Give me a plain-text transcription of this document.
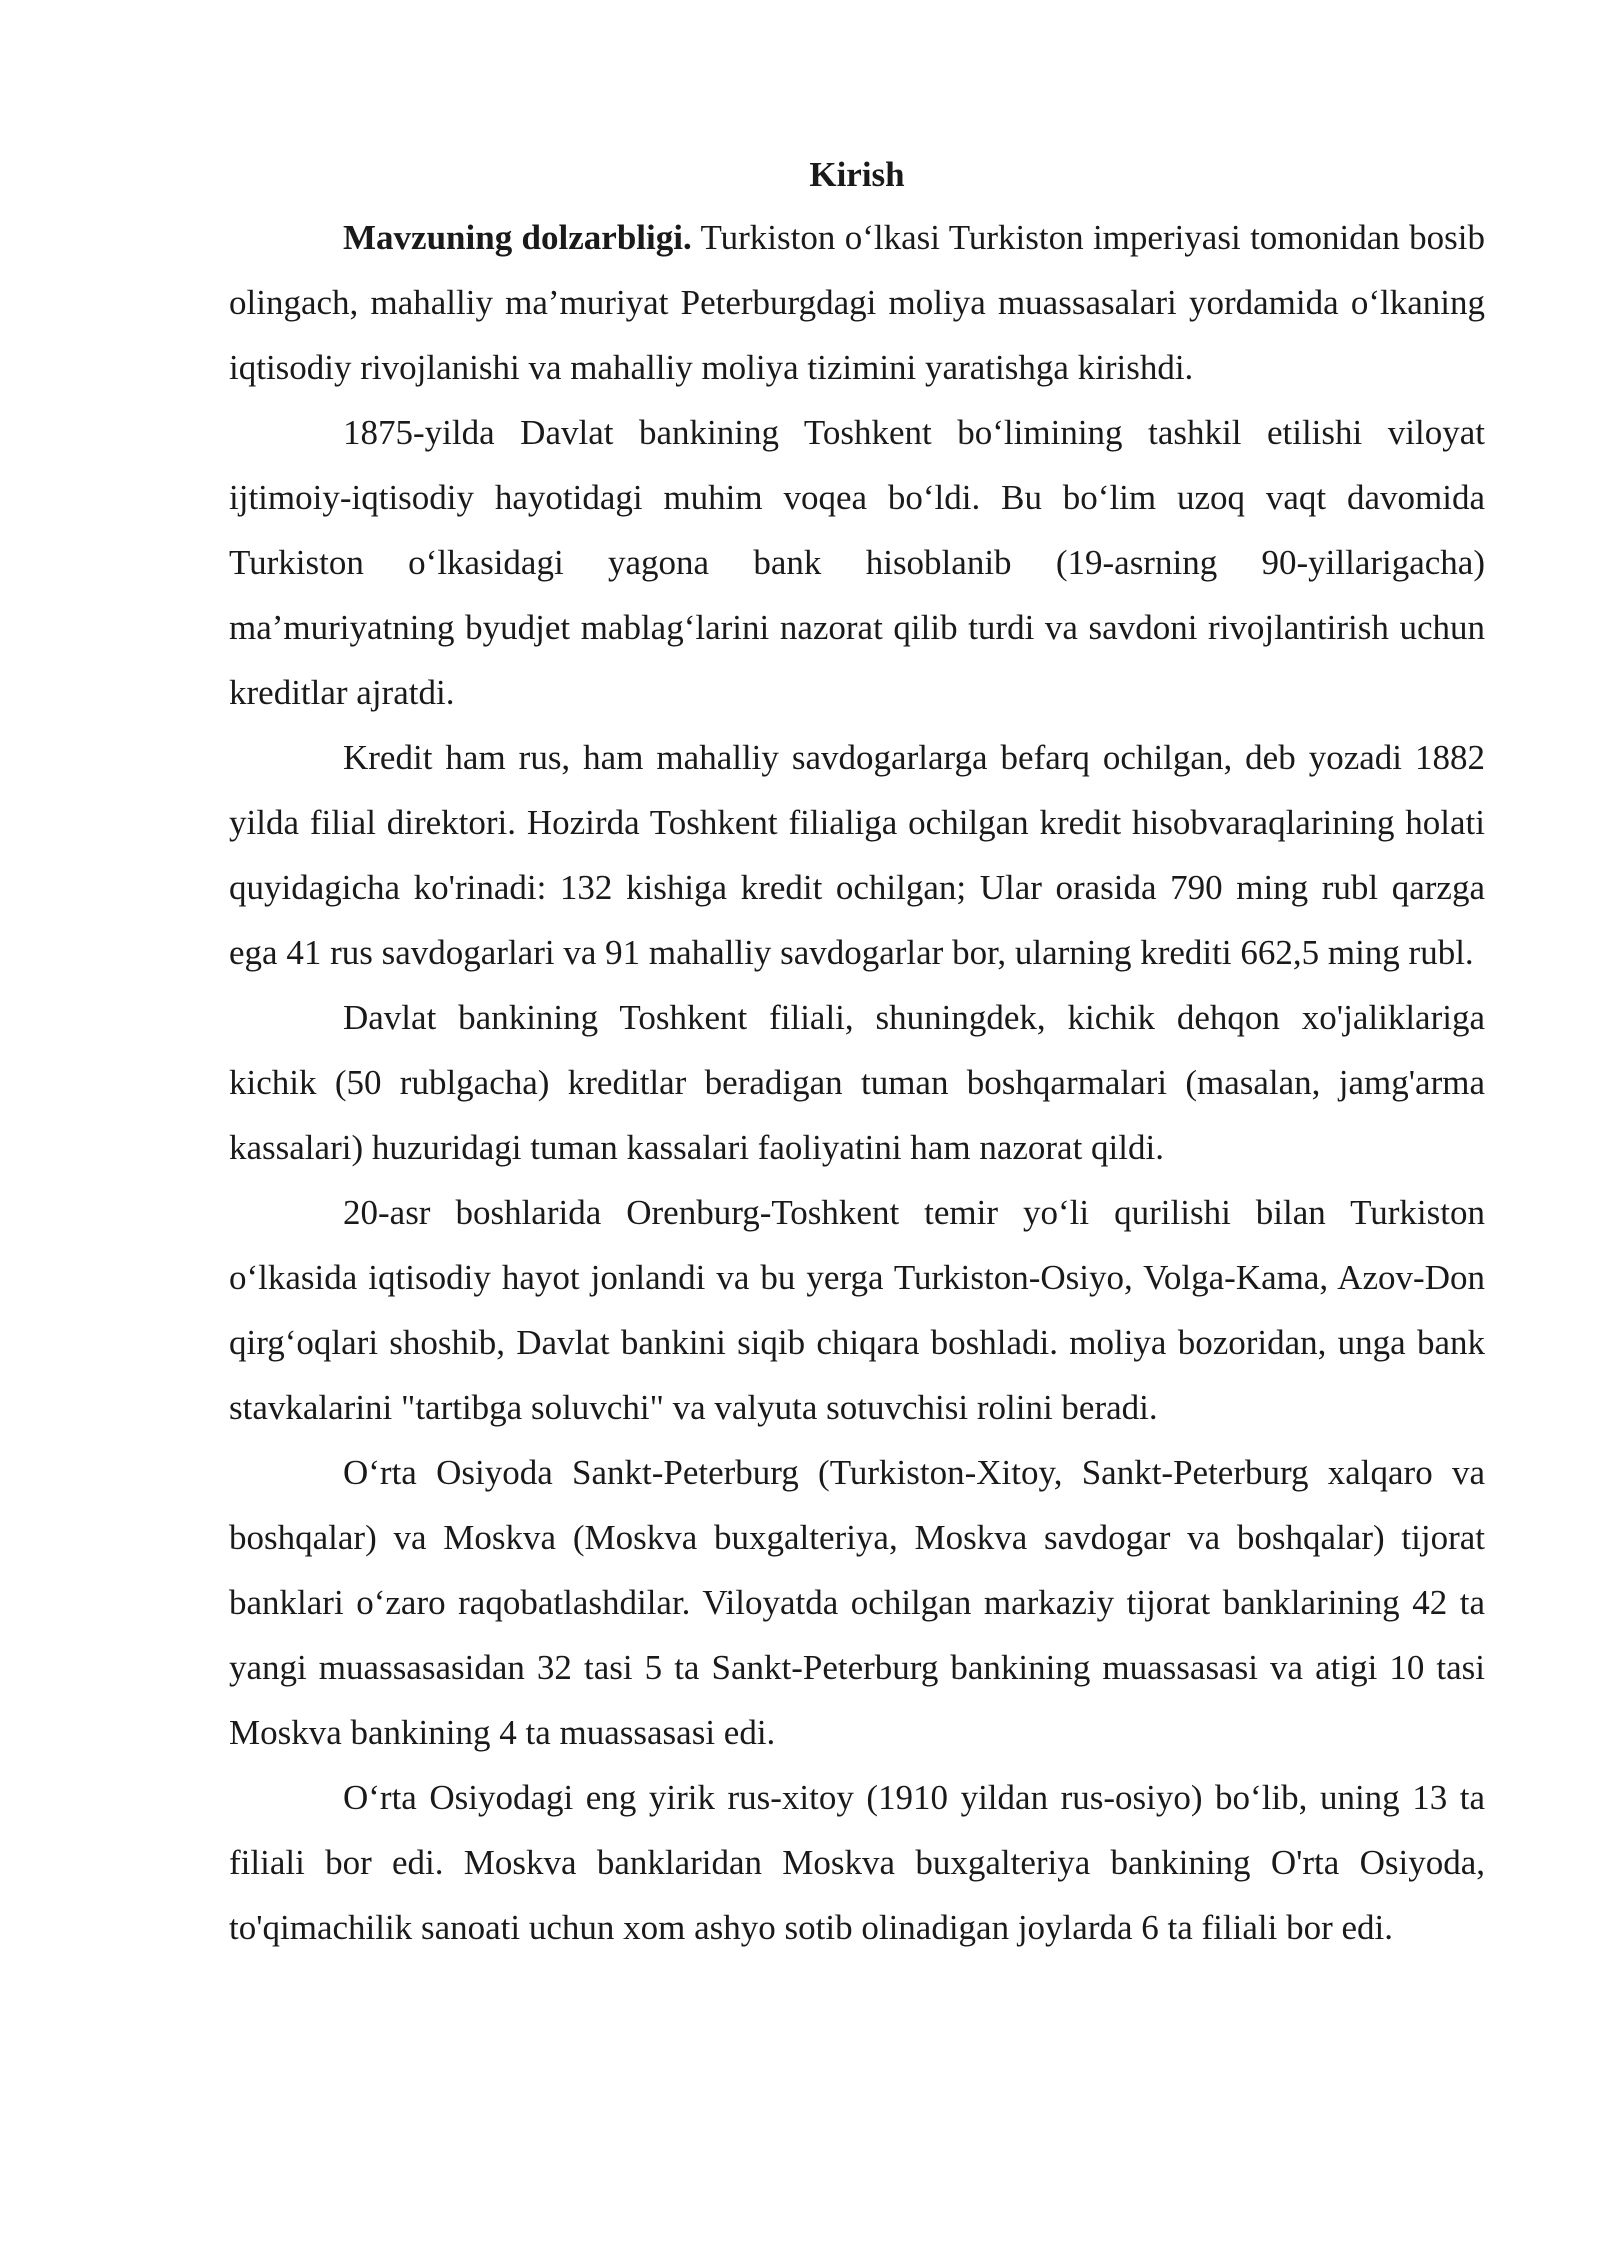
Kirish

Mavzuning dolzarbligi. Turkiston o‘lkasi Turkiston imperiyasi tomonidan bosib olingach, mahalliy ma’muriyat Peterburgdagi moliya muassasalari yordamida o‘lkaning iqtisodiy rivojlanishi va mahalliy moliya tizimini yaratishga kirishdi.

1875-yilda Davlat bankining Toshkent bo‘limining tashkil etilishi viloyat ijtimoiy-iqtisodiy hayotidagi muhim voqea bo‘ldi. Bu bo‘lim uzoq vaqt davomida Turkiston o‘lkasidagi yagona bank hisoblanib (19-asrning 90-yillarigacha) ma’muriyatning byudjet mablag‘larini nazorat qilib turdi va savdoni rivojlantirish uchun kreditlar ajratdi.

Kredit ham rus, ham mahalliy savdogarlarga befarq ochilgan, deb yozadi 1882 yilda filial direktori. Hozirda Toshkent filialiga ochilgan kredit hisobvaraqlarining holati quyidagicha ko'rinadi: 132 kishiga kredit ochilgan; Ular orasida 790 ming rubl qarzga ega 41 rus savdogarlari va 91 mahalliy savdogarlar bor, ularning krediti 662,5 ming rubl.

Davlat bankining Toshkent filiali, shuningdek, kichik dehqon xo'jaliklariga kichik (50 rublgacha) kreditlar beradigan tuman boshqarmalari (masalan, jamg'arma kassalari) huzuridagi tuman kassalari faoliyatini ham nazorat qildi.

20-asr boshlarida Orenburg-Toshkent temir yo‘li qurilishi bilan Turkiston o‘lkasida iqtisodiy hayot jonlandi va bu yerga Turkiston-Osiyo, Volga-Kama, Azov-Don qirg‘oqlari shoshib, Davlat bankini siqib chiqara boshladi. moliya bozoridan, unga bank stavkalarini "tartibga soluvchi" va valyuta sotuvchisi rolini beradi.

O‘rta Osiyoda Sankt-Peterburg (Turkiston-Xitoy, Sankt-Peterburg xalqaro va boshqalar) va Moskva (Moskva buxgalteriya, Moskva savdogar va boshqalar) tijorat banklari o‘zaro raqobatlashdilar. Viloyatda ochilgan markaziy tijorat banklarining 42 ta yangi muassasasidan 32 tasi 5 ta Sankt-Peterburg bankining muassasasi va atigi 10 tasi Moskva bankining 4 ta muassasasi edi.

O‘rta Osiyodagi eng yirik rus-xitoy (1910 yildan rus-osiyo) bo‘lib, uning 13 ta filiali bor edi. Moskva banklaridan Moskva buxgalteriya bankining O'rta Osiyoda, to'qimachilik sanoati uchun xom ashyo sotib olinadigan joylarda 6 ta filiali bor edi.
